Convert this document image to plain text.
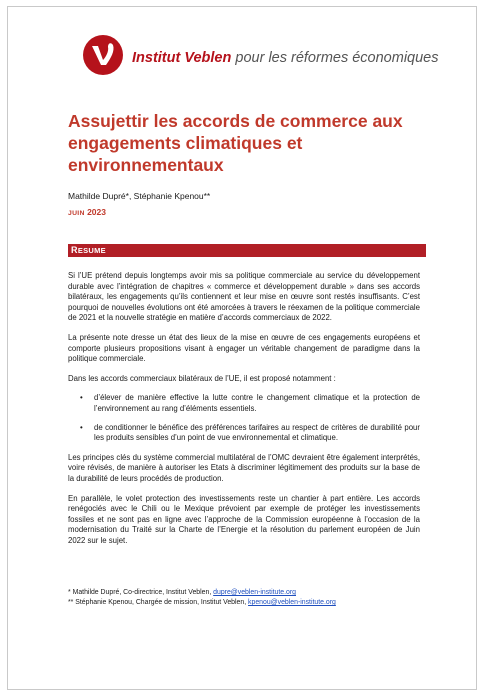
Institut Veblen pour les réformes économiques
Assujettir les accords de commerce aux engagements climatiques et environnementaux
Mathilde Dupré*, Stéphanie Kpenou**
JUIN 2023
RESUME

Si l’UE prétend depuis longtemps avoir mis sa politique commerciale au service du développement durable avec l’intégration de chapitres « commerce et développement durable » dans ses accords bilatéraux, les engagements qu’ils contiennent et leur mise en œuvre sont restés insuffisants. C’est pourquoi de nouvelles évolutions ont été amorcées à travers le réexamen de la politique commerciale de 2021 et la nouvelle stratégie en matière d’accords commerciaux de 2022.

La présente note dresse un état des lieux de la mise en œuvre de ces engagements européens et comporte plusieurs propositions visant à engager un véritable changement de paradigme dans la politique commerciale.

Dans les accords commerciaux bilatéraux de l’UE, il est proposé notamment :

• d’élever de manière effective la lutte contre le changement climatique et la protection de l’environnement au rang d’éléments essentiels.
• de conditionner le bénéfice des préférences tarifaires au respect de critères de durabilité pour les produits sensibles d’un point de vue environnemental et climatique.

Les principes clés du système commercial multilatéral de l’OMC devraient être également interprétés, voire révisés, de manière à autoriser les Etats à discriminer légitimement des produits sur la base de la durabilité de leurs procédés de production.

En parallèle, le volet protection des investissements reste un chantier à part entière. Les accords renégociés avec le Chili ou le Mexique prévoient par exemple de protéger les investissements fossiles et ne sont pas en ligne avec l’approche de la Commission européenne à l’occasion de la modernisation du Traité sur la Charte de l’Energie et la résolution du parlement européen de Juin 2022 sur le sujet.

* Mathilde Dupré, Co-directrice, Institut Veblen, dupre@veblen-institute.org
** Stéphanie Kpenou, Chargée de mission, Institut Veblen, kpenou@veblen-institute.org
